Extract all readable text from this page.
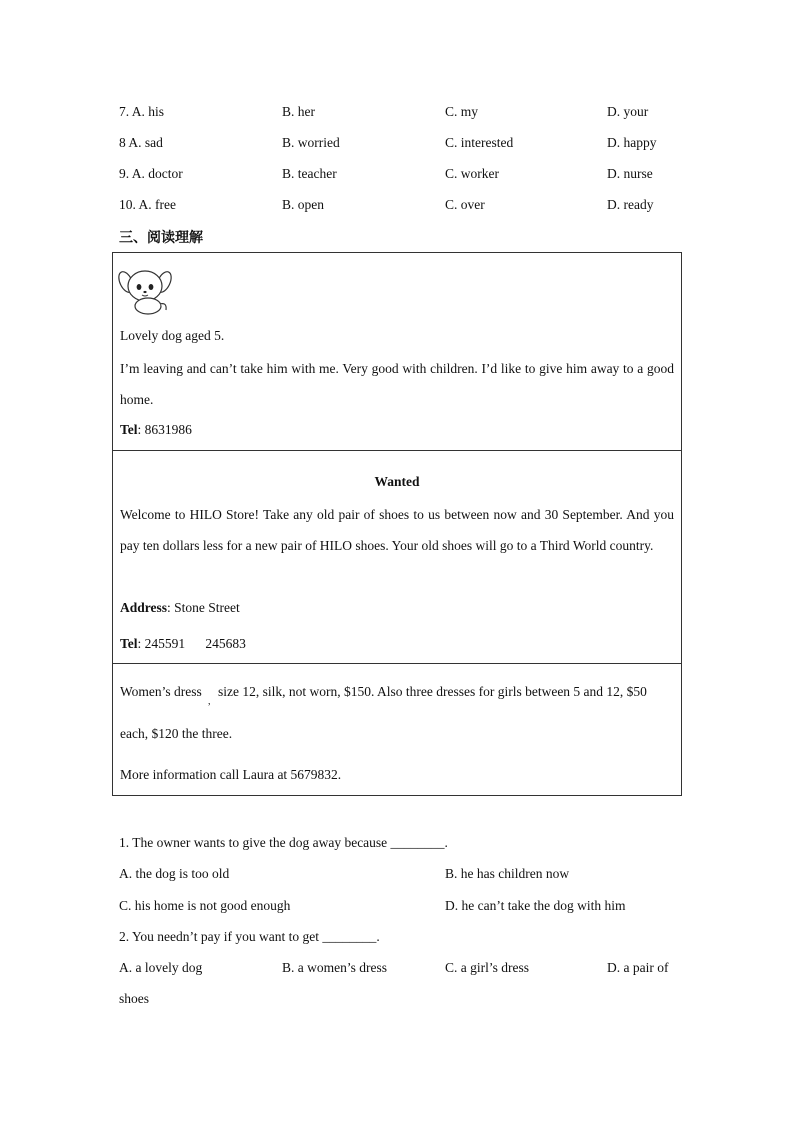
7. A. his	B. her	C. my	D. your
8 A. sad	B. worried	C. interested	D. happy
9. A. doctor	B. teacher	C. worker	D. nurse
10. A. free	B. open	C. over	D. ready
三、阅读理解

Lovely dog aged 5.

I’m leaving and can’t take him with me. Very good with children. I’d like to give him away to a good home.

Tel: 8631986

Wanted

Welcome to HILO Store! Take any old pair of shoes to us between now and 30 September. And you pay ten dollars less for a new pair of HILO shoes. Your old shoes will go to a Third World country.

Address: Stone Street

Tel: 245591      245683

Women’s dress

,

size 12, silk, not worn, $150. Also three dresses for girls between 5 and 12, $50

each, $120 the three.

More information call Laura at 5679832.

1. The owner wants to give the dog away because ________.
A. the dog is too old	B. he has children now
C. his home is not good enough	D. he can’t take the dog with him
2. You needn’t pay if you want to get ________.
A. a lovely dog	B. a women’s dress	C. a girl’s dress	D. a pair of
shoes
